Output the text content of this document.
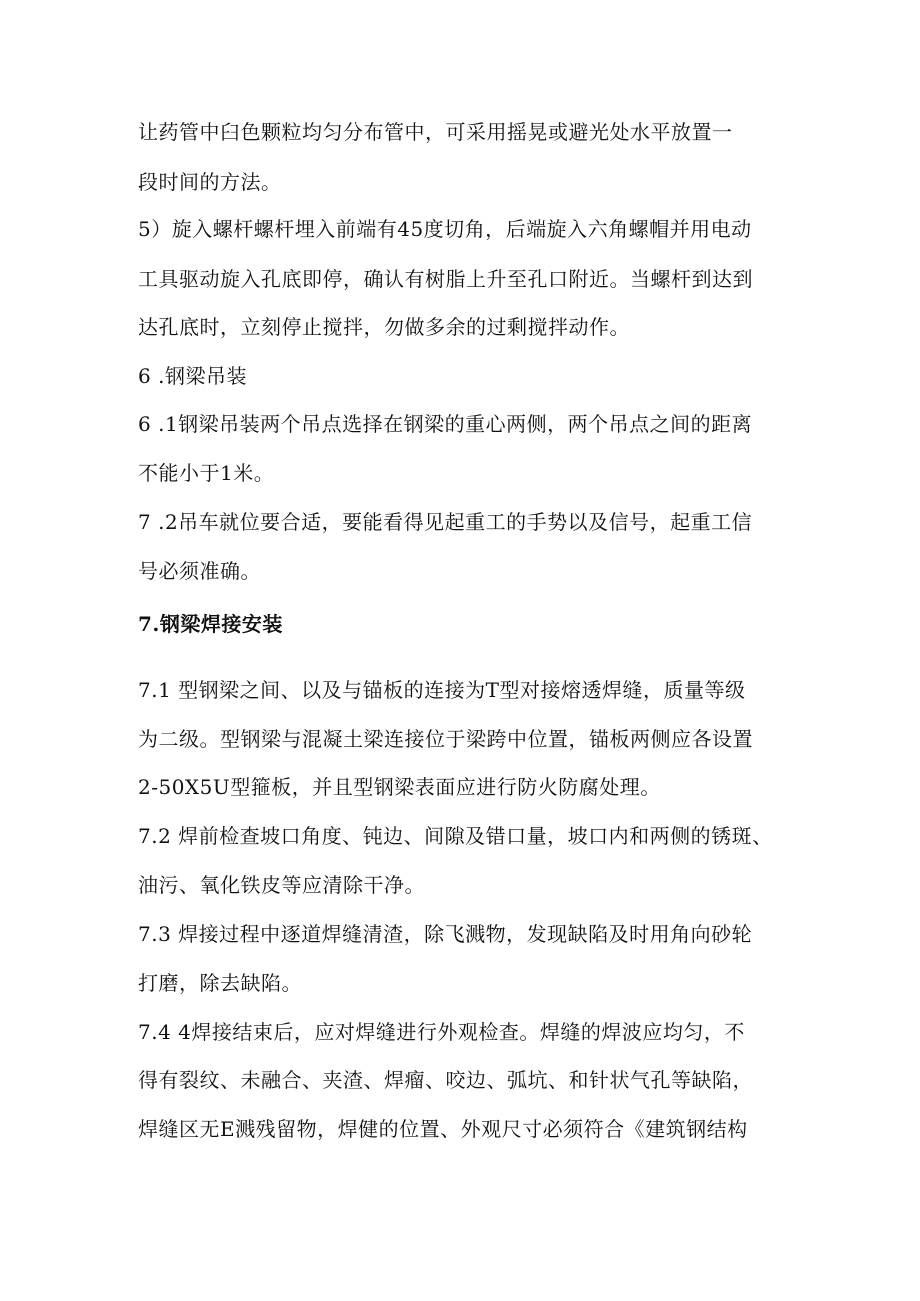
让药管中臼色颗粒均匀分布管中，可采用摇晃或避光处水平放置一
段时间的方法。
5）旋入螺杆螺杆埋入前端有45度切角，后端旋入六角螺帽并用电动
工具驱动旋入孔底即停，确认有树脂上升至孔口附近。当螺杆到达到
达孔底时，立刻停止搅拌，勿做多余的过剩搅拌动作。
6 .钢梁吊装
6 .1钢梁吊装两个吊点选择在钢梁的重心两侧，两个吊点之间的距离
不能小于1米。
7 .2吊车就位要合适，要能看得见起重工的手势以及信号，起重工信
号必须准确。
7.钢梁焊接安装
7.1 型钢梁之间、以及与锚板的连接为T型对接熔透焊缝，质量等级
为二级。型钢梁与混凝土梁连接位于梁跨中位置，锚板两侧应各设置
2-50X5U型箍板，并且型钢梁表面应进行防火防腐处理。
7.2 焊前检查坡口角度、钝边、间隙及错口量，坡口内和两侧的锈斑、
油污、氧化铁皮等应清除干净。
7.3 焊接过程中逐道焊缝清渣，除飞溅物，发现缺陷及时用角向砂轮
打磨，除去缺陷。
7.4 4焊接结束后，应对焊缝进行外观检查。焊缝的焊波应均匀，不
得有裂纹、未融合、夹渣、焊瘤、咬边、弧坑、和针状气孔等缺陷，
焊缝区无E溅残留物，焊健的位置、外观尺寸必须符合《建筑钢结构
